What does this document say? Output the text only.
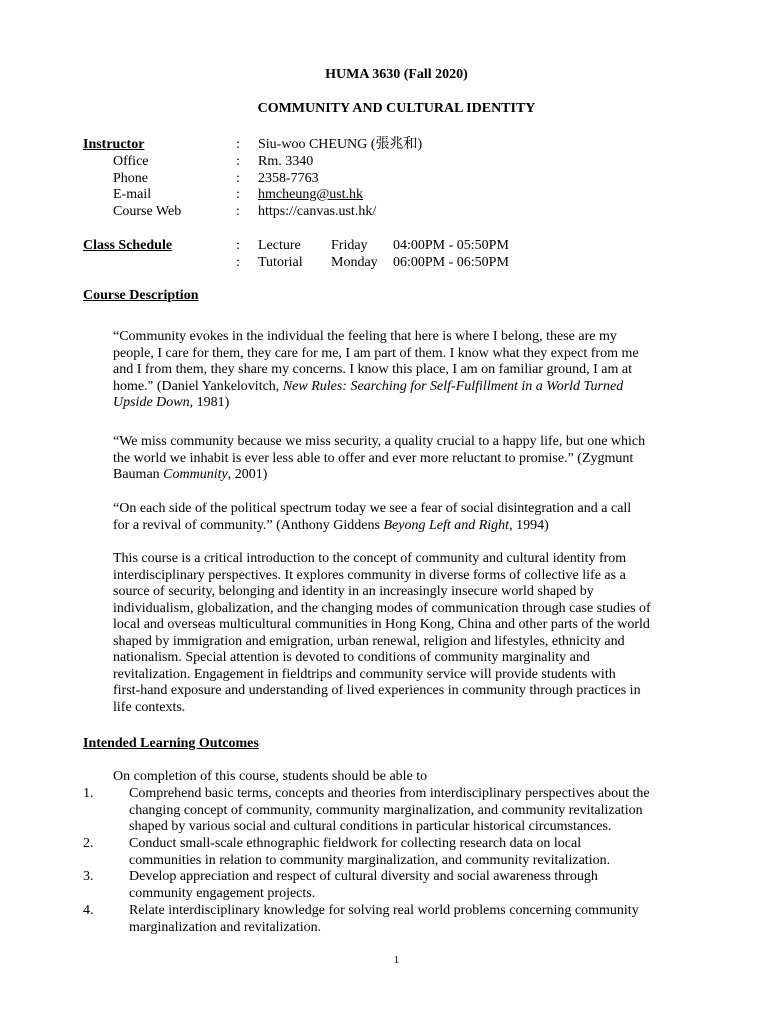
HUMA 3630 (Fall 2020)
COMMUNITY AND CULTURAL IDENTITY
Instructor	: Siu-woo CHEUNG (張兆和)
Office	: Rm. 3340
Phone	: 2358-7763
E-mail	: hmcheung@ust.hk
Course Web	: https://canvas.ust.hk/
Class Schedule	: Lecture Friday 04:00PM - 05:50PM
: Tutorial Monday 06:00PM - 06:50PM
Course Description
“Community evokes in the individual the feeling that here is where I belong, these are my
people, I care for them, they care for me, I am part of them. I know what they expect from me
and I from them, they share my concerns. I know this place, I am on familiar ground, I am at
home." (Daniel Yankelovitch, New Rules: Searching for Self-Fulfillment in a World Turned
Upside Down, 1981)
“We miss community because we miss security, a quality crucial to a happy life, but one which
the world we inhabit is ever less able to offer and ever more reluctant to promise.” (Zygmunt
Bauman Community, 2001)
“On each side of the political spectrum today we see a fear of social disintegration and a call
for a revival of community.” (Anthony Giddens Beyong Left and Right, 1994)
This course is a critical introduction to the concept of community and cultural identity from
interdisciplinary perspectives. It explores community in diverse forms of collective life as a
source of security, belonging and identity in an increasingly insecure world shaped by
individualism, globalization, and the changing modes of communication through case studies of
local and overseas multicultural communities in Hong Kong, China and other parts of the world
shaped by immigration and emigration, urban renewal, religion and lifestyles, ethnicity and
nationalism. Special attention is devoted to conditions of community marginality and
revitalization. Engagement in fieldtrips and community service will provide students with
first-hand exposure and understanding of lived experiences in community through practices in
life contexts.
Intended Learning Outcomes
On completion of this course, students should be able to
1.	Comprehend basic terms, concepts and theories from interdisciplinary perspectives about the
changing concept of community, community marginalization, and community revitalization
shaped by various social and cultural conditions in particular historical circumstances.
2.	Conduct small-scale ethnographic fieldwork for collecting research data on local
communities in relation to community marginalization, and community revitalization.
3.	Develop appreciation and respect of cultural diversity and social awareness through
community engagement projects.
4.	Relate interdisciplinary knowledge for solving real world problems concerning community
marginalization and revitalization.
1
